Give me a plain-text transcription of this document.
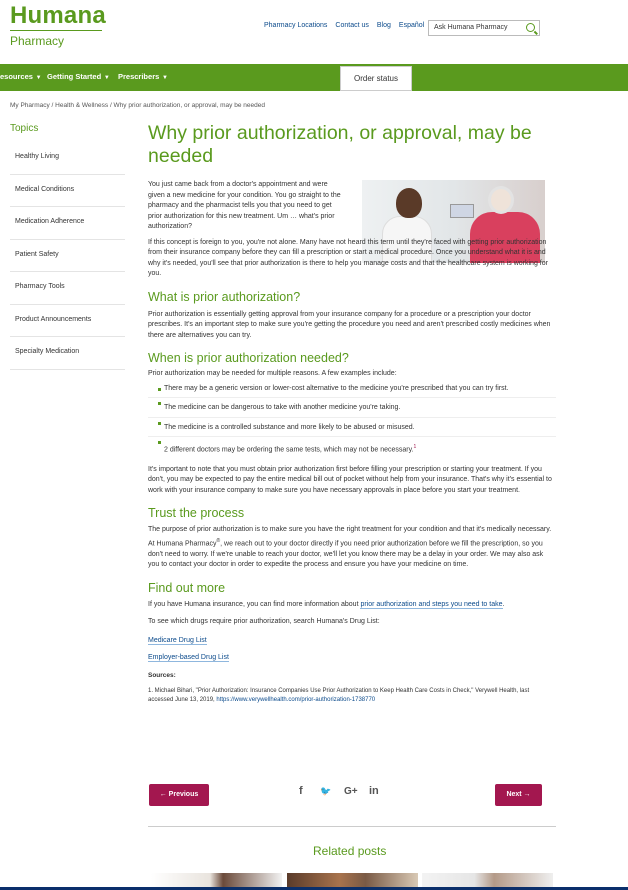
Humana
Pharmacy
Pharmacy Locations Contact us Blog Español	Ask Humana Pharmacy
esources ▼ Getting Started ▼ Prescribers ▼	Order status
My Pharmacy / Health & Wellness / Why prior authorization, or approval, may be needed
Topics
Healthy Living
Medical Conditions
Medication Adherence
Patient Safety
Pharmacy Tools
Product Announcements
Specialty Medication
Why prior authorization, or approval, may be
needed

You just came back from a doctor's appointment and were given a new medicine for your condition. You go straight to the pharmacy and the pharmacist tells you that you need to get prior authorization for this new treatment. Um … what's prior authorization?

If this concept is foreign to you, you're not alone. Many have not heard this term until they're faced with getting prior authorization from their insurance company before they can fill a prescription or start a medical procedure. Once you understand what it is and why it's needed, you'll see that prior authorization is there to help you manage costs and that the healthcare system is working for you.

What is prior authorization?

Prior authorization is essentially getting approval from your insurance company for a procedure or a prescription your doctor prescribes. It's an important step to make sure you're getting the procedure you need and aren't prescribed costly medicines when there are alternatives you can try.

When is prior authorization needed?

Prior authorization may be needed for multiple reasons. A few examples include:

There may be a generic version or lower-cost alternative to the medicine you're prescribed that you can try first.
The medicine can be dangerous to take with another medicine you're taking.
The medicine is a controlled substance and more likely to be abused or misused.
2 different doctors may be ordering the same tests, which may not be necessary.$^1$

It's important to note that you must obtain prior authorization first before filling your prescription or starting your treatment. If you don't, you may be expected to pay the entire medical bill out of pocket without help from your insurance. That's why it's essential to work with your insurance company to make sure you have necessary approvals in place before you start your treatment.

Trust the process

The purpose of prior authorization is to make sure you have the right treatment for your condition and that it's medically necessary. At Humana Pharmacy®, we reach out to your doctor directly if you need prior authorization before we fill the prescription, so you don't need to worry. If we're unable to reach your doctor, we'll let you know there may be a delay in your order. We may also ask you to contact your doctor in order to expedite the process and ensure you have your medicine on time.

Find out more

If you have Humana insurance, you can find more information about prior authorization and steps you need to take.

To see which drugs require prior authorization, search Humana's Drug List:

Medicare Drug List

Employer-based Drug List

Sources:

1. Michael Bihari, "Prior Authorization: Insurance Companies Use Prior Authorization to Keep Health Care Costs in Check," Verywell Health, last accessed June 13, 2019, https://www.verywellhealth.com/prior-authorization-1738770

← Previous	Next →
f 🐦 G+ in
Related posts
